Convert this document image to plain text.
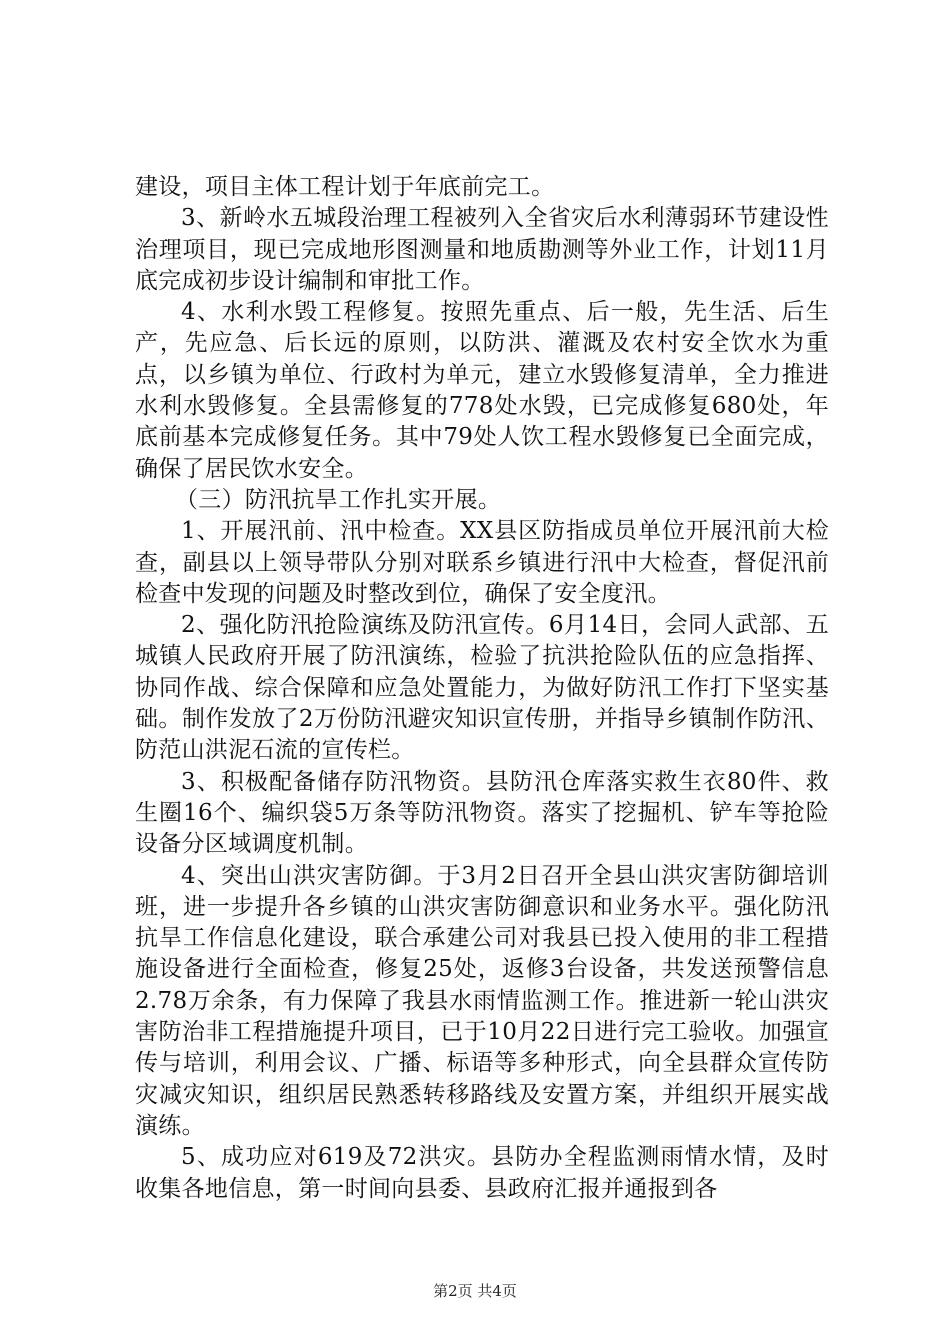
建设，项目主体工程计划于年底前完工。

3、新岭水五城段治理工程被列入全省灾后水利薄弱环节建设性治理项目，现已完成地形图测量和地质勘测等外业工作，计划11月底完成初步设计编制和审批工作。

4、水利水毁工程修复。按照先重点、后一般，先生活、后生产，先应急、后长远的原则，以防洪、灌溉及农村安全饮水为重点，以乡镇为单位、行政村为单元，建立水毁修复清单，全力推进水利水毁修复。全县需修复的778处水毁，已完成修复680处，年底前基本完成修复任务。其中79处人饮工程水毁修复已全面完成，确保了居民饮水安全。

（三）防汛抗旱工作扎实开展。

1、开展汛前、汛中检查。XX县区防指成员单位开展汛前大检查，副县以上领导带队分别对联系乡镇进行汛中大检查，督促汛前检查中发现的问题及时整改到位，确保了安全度汛。

2、强化防汛抢险演练及防汛宣传。6月14日，会同人武部、五城镇人民政府开展了防汛演练，检验了抗洪抢险队伍的应急指挥、协同作战、综合保障和应急处置能力，为做好防汛工作打下坚实基础。制作发放了2万份防汛避灾知识宣传册，并指导乡镇制作防汛、防范山洪泥石流的宣传栏。

3、积极配备储存防汛物资。县防汛仓库落实救生衣80件、救生圈16个、编织袋5万条等防汛物资。落实了挖掘机、铲车等抢险设备分区域调度机制。

4、突出山洪灾害防御。于3月2日召开全县山洪灾害防御培训班，进一步提升各乡镇的山洪灾害防御意识和业务水平。强化防汛抗旱工作信息化建设，联合承建公司对我县已投入使用的非工程措施设备进行全面检查，修复25处，返修3台设备，共发送预警信息2.78万余条，有力保障了我县水雨情监测工作。推进新一轮山洪灾害防治非工程措施提升项目，已于10月22日进行完工验收。加强宣传与培训，利用会议、广播、标语等多种形式，向全县群众宣传防灾减灾知识，组织居民熟悉转移路线及安置方案，并组织开展实战演练。

5、成功应对619及72洪灾。县防办全程监测雨情水情，及时收集各地信息，第一时间向县委、县政府汇报并通报到各

第2页 共4页
